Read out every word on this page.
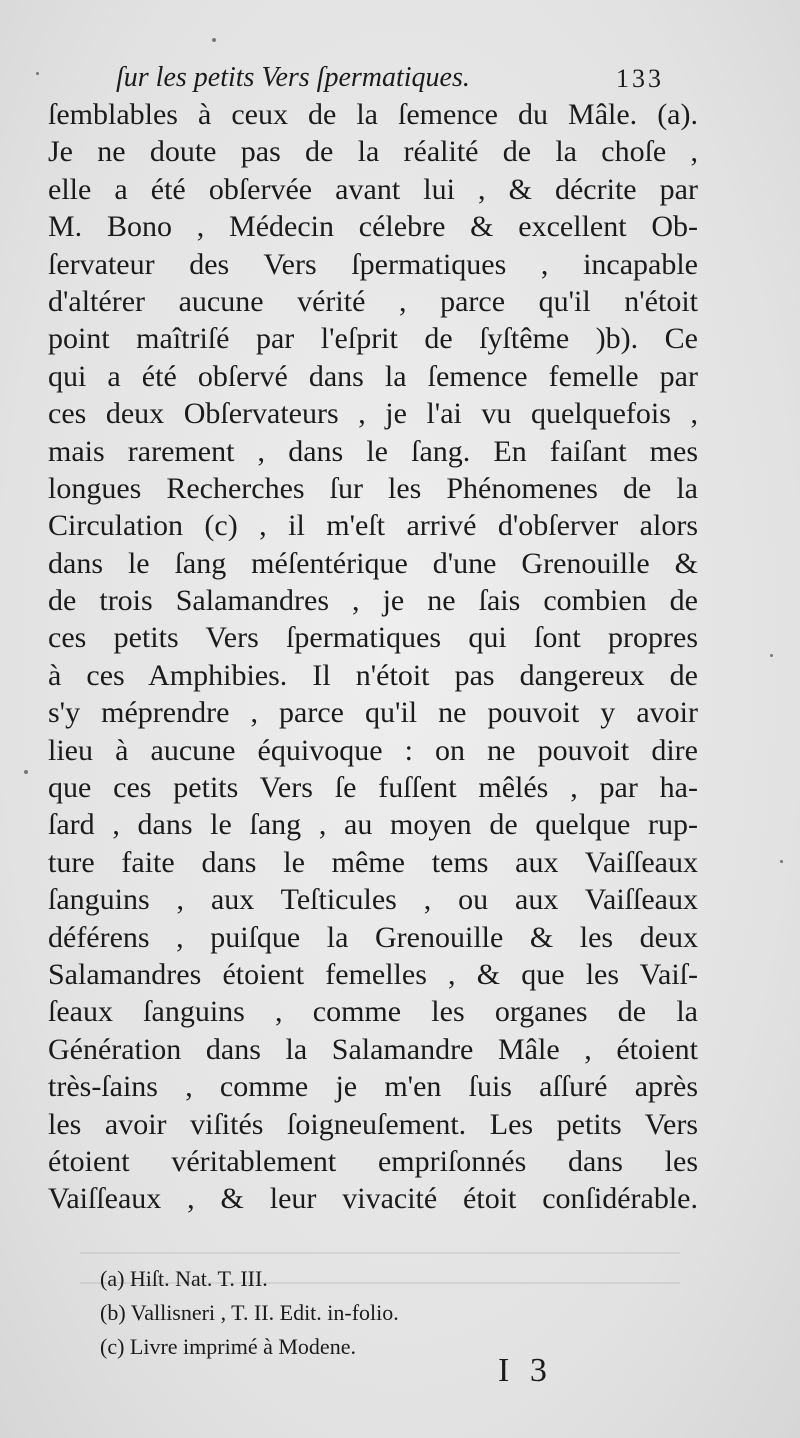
ſur les petits Vers ſpermatiques.	133
ſemblables à ceux de la ſemence du Mâle. (a).
Je ne doute pas de la réalité de la choſe ,
elle a été obſervée avant lui , & décrite par
M. Bono , Médecin célebre & excellent Ob-
ſervateur des Vers ſpermatiques , incapable
d'altérer aucune vérité , parce qu'il n'étoit
point maîtriſé par l'eſprit de ſyſtême )b). Ce
qui a été obſervé dans la ſemence femelle par
ces deux Obſervateurs , je l'ai vu quelquefois ,
mais rarement , dans le ſang. En faiſant mes
longues Recherches ſur les Phénomenes de la
Circulation (c) , il m'eſt arrivé d'obſerver alors
dans le ſang méſentérique d'une Grenouille &
de trois Salamandres , je ne ſais combien de
ces petits Vers ſpermatiques qui ſont propres
à ces Amphibies. Il n'étoit pas dangereux de
s'y méprendre , parce qu'il ne pouvoit y avoir
lieu à aucune équivoque : on ne pouvoit dire
que ces petits Vers ſe fuſſent mêlés , par ha-
ſard , dans le ſang , au moyen de quelque rup-
ture faite dans le même tems aux Vaiſſeaux
ſanguins , aux Teſticules , ou aux Vaiſſeaux
déférens , puiſque la Grenouille & les deux
Salamandres étoient femelles , & que les Vaiſ-
ſeaux ſanguins , comme les organes de la
Génération dans la Salamandre Mâle , étoient
très-ſains , comme je m'en ſuis aſſuré après
les avoir viſités ſoigneuſement. Les petits Vers
étoient véritablement empriſonnés dans les
Vaiſſeaux , & leur vivacité étoit conſidérable.
(a) Hiſt. Nat. T. III.
(b) Vallisneri , T. II. Edit. in-folio.
(c) Livre imprimé à Modene.
I 3
